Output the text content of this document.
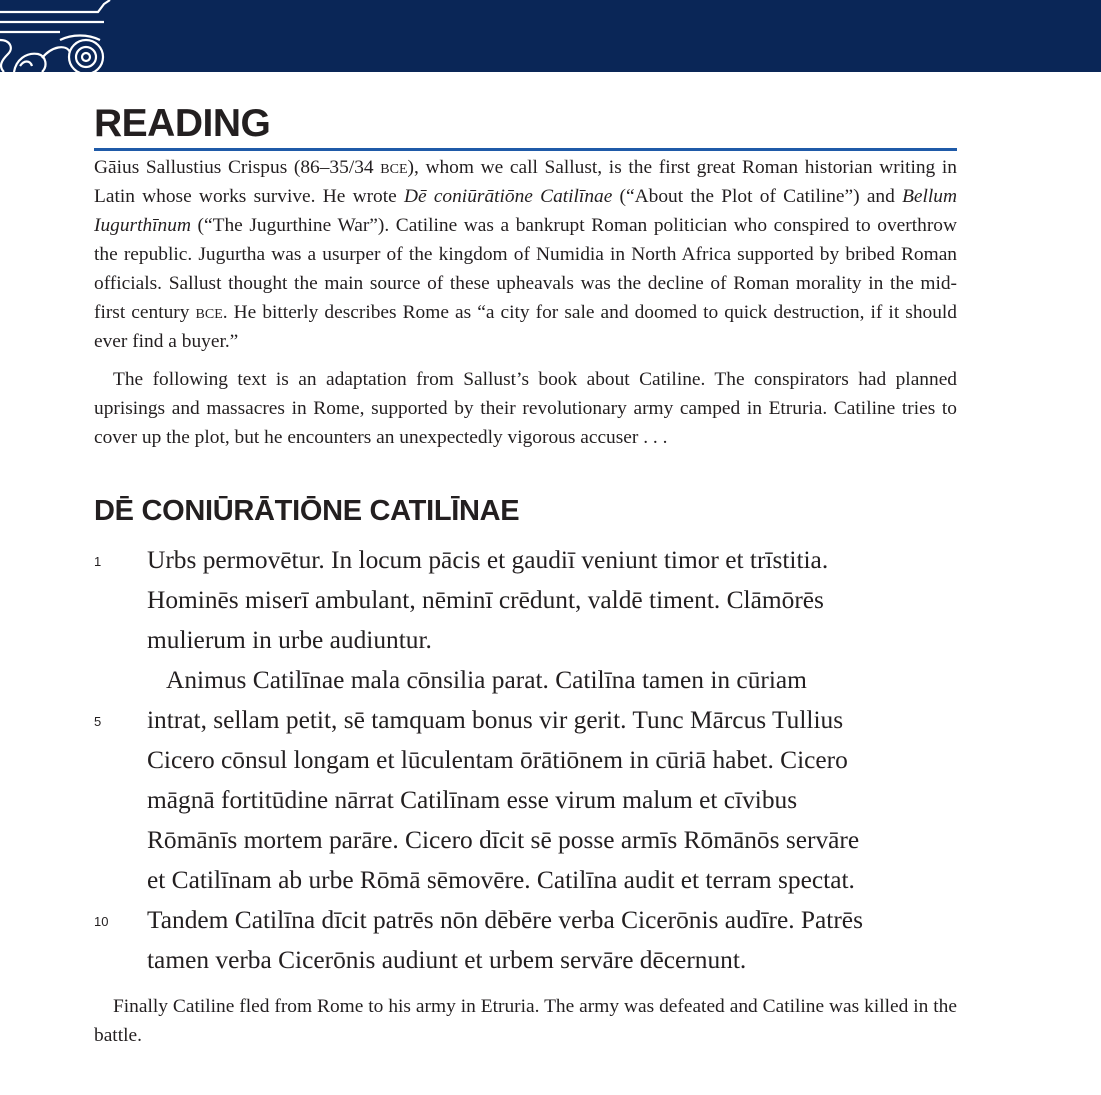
READING

Gāius Sallustius Crispus (86–35/34 bce), whom we call Sallust, is the first great Roman historian writing in Latin whose works survive. He wrote Dē coniūrātiōne Catilīnae (“About the Plot of Catiline”) and Bellum Iugurthīnum (“The Jugurthine War”). Catiline was a bankrupt Roman politician who conspired to overthrow the republic. Jugurtha was a usurper of the kingdom of Numidia in North Africa supported by bribed Roman officials. Sallust thought the main source of these upheavals was the decline of Roman morality in the mid-first century bce. He bitterly describes Rome as “a city for sale and doomed to quick destruction, if it should ever find a buyer.”

The following text is an adaptation from Sallust’s book about Catiline. The conspirators had planned uprisings and massacres in Rome, supported by their revolutionary army camped in Etruria. Catiline tries to cover up the plot, but he encounters an unexpectedly vigorous accuser . . .

DĒ CONIŪRĀTIŌNE CATILĪNAE
1 Urbs permovētur. In locum pācis et gaudiī veniunt timor et trīstitia.
Hominēs miserī ambulant, nēminī crēdunt, valdē timent. Clāmōrēs
mulierum in urbe audiuntur.
Animus Catilīnae mala cōnsilia parat. Catilīna tamen in cūriam
5 intrat, sellam petit, sē tamquam bonus vir gerit. Tunc Mārcus Tullius
Cicero cōnsul longam et lūculentam ōrātiōnem in cūriā habet. Cicero
māgnā fortitūdine nārrat Catilīnam esse virum malum et cīvibus
Rōmānīs mortem parāre. Cicero dīcit sē posse armīs Rōmānōs servāre
et Catilīnam ab urbe Rōmā sēmovēre. Catilīna audit et terram spectat.
10 Tandem Catilīna dīcit patrēs nōn dēbēre verba Cicerōnis audīre. Patrēs
tamen verba Cicerōnis audiunt et urbem servāre dēcernunt.

Finally Catiline fled from Rome to his army in Etruria. The army was defeated and Catiline was killed in the battle.
